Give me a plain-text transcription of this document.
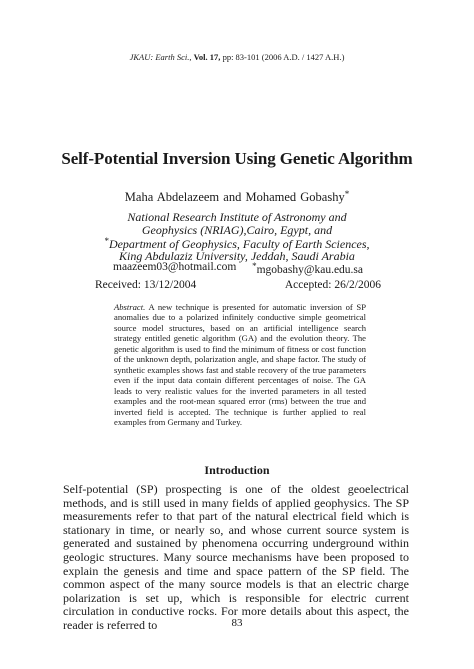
JKAU: Earth Sci., Vol. 17, pp: 83-101 (2006 A.D. / 1427 A.H.)
Self-Potential Inversion Using Genetic Algorithm
Maha Abdelazeem and Mohamed Gobashy*
National Research Institute of Astronomy and
Geophysics (NRIAG),Cairo, Egypt, and
*Department of Geophysics, Faculty of Earth Sciences,
King Abdulaziz University, Jeddah, Saudi Arabia
maazeem03@hotmail.com *mgobashy@kau.edu.sa
Received: 13/12/2004	Accepted: 26/2/2006
Abstract. A new technique is presented for automatic inversion of SP anomalies due to a polarized infinitely conductive simple geometrical source model structures, based on an artificial intelligence search strategy entitled genetic algorithm (GA) and the evolution theory. The genetic algorithm is used to find the minimum of fitness or cost function of the unknown depth, polarization angle, and shape factor. The study of synthetic examples shows fast and stable recovery of the true parameters even if the input data contain different percentages of noise. The GA leads to very realistic values for the inverted parameters in all tested examples and the root-mean squared error (rms) between the true and inverted field is accepted. The technique is further applied to real examples from Germany and Turkey.
Introduction

Self-potential (SP) prospecting is one of the oldest geoelectrical methods, and is still used in many fields of applied geophysics. The SP measurements refer to that part of the natural electrical field which is stationary in time, or nearly so, and whose current source system is generated and sustained by phenomena occurring underground within geologic structures. Many source mechanisms have been proposed to explain the genesis and time and space pattern of the SP field. The common aspect of the many source models is that an electric charge polarization is set up, which is responsible for electric current circulation in conductive rocks. For more details about this aspect, the reader is referred to	83
